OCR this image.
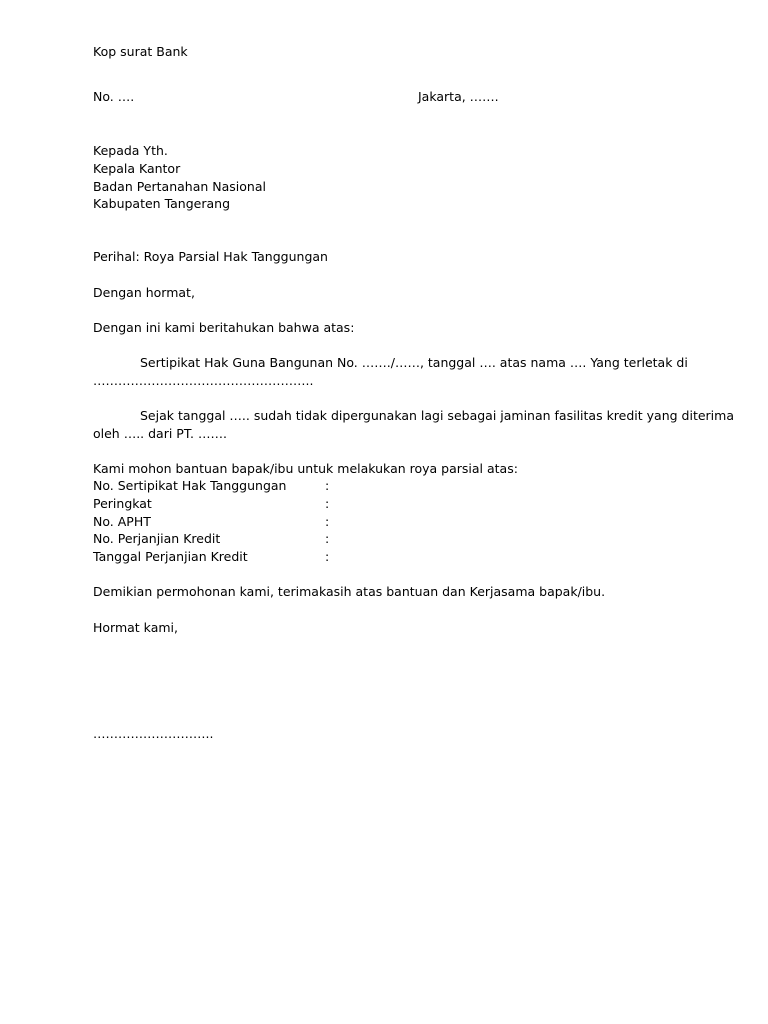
Kop surat Bank
No. ….	Jakarta, …….
Kepada Yth.
Kepala Kantor
Badan Pertanahan Nasional
Kabupaten Tangerang
Perihal: Roya Parsial Hak Tanggungan
Dengan hormat,
Dengan ini kami beritahukan bahwa atas:
Sertipikat Hak Guna Bangunan No. ……./……, tanggal …. atas nama …. Yang terletak di
……………………………………………..
Sejak tanggal ….. sudah tidak dipergunakan lagi sebagai jaminan fasilitas kredit yang diterima
oleh ….. dari PT. …….
Kami mohon bantuan bapak/ibu untuk melakukan roya parsial atas:
No. Sertipikat Hak Tanggungan	:
Peringkat	:
No. APHT	:
No. Perjanjian Kredit	:
Tanggal Perjanjian Kredit	:
Demikian permohonan kami, terimakasih atas bantuan dan Kerjasama bapak/ibu.
Hormat kami,
………………………..
